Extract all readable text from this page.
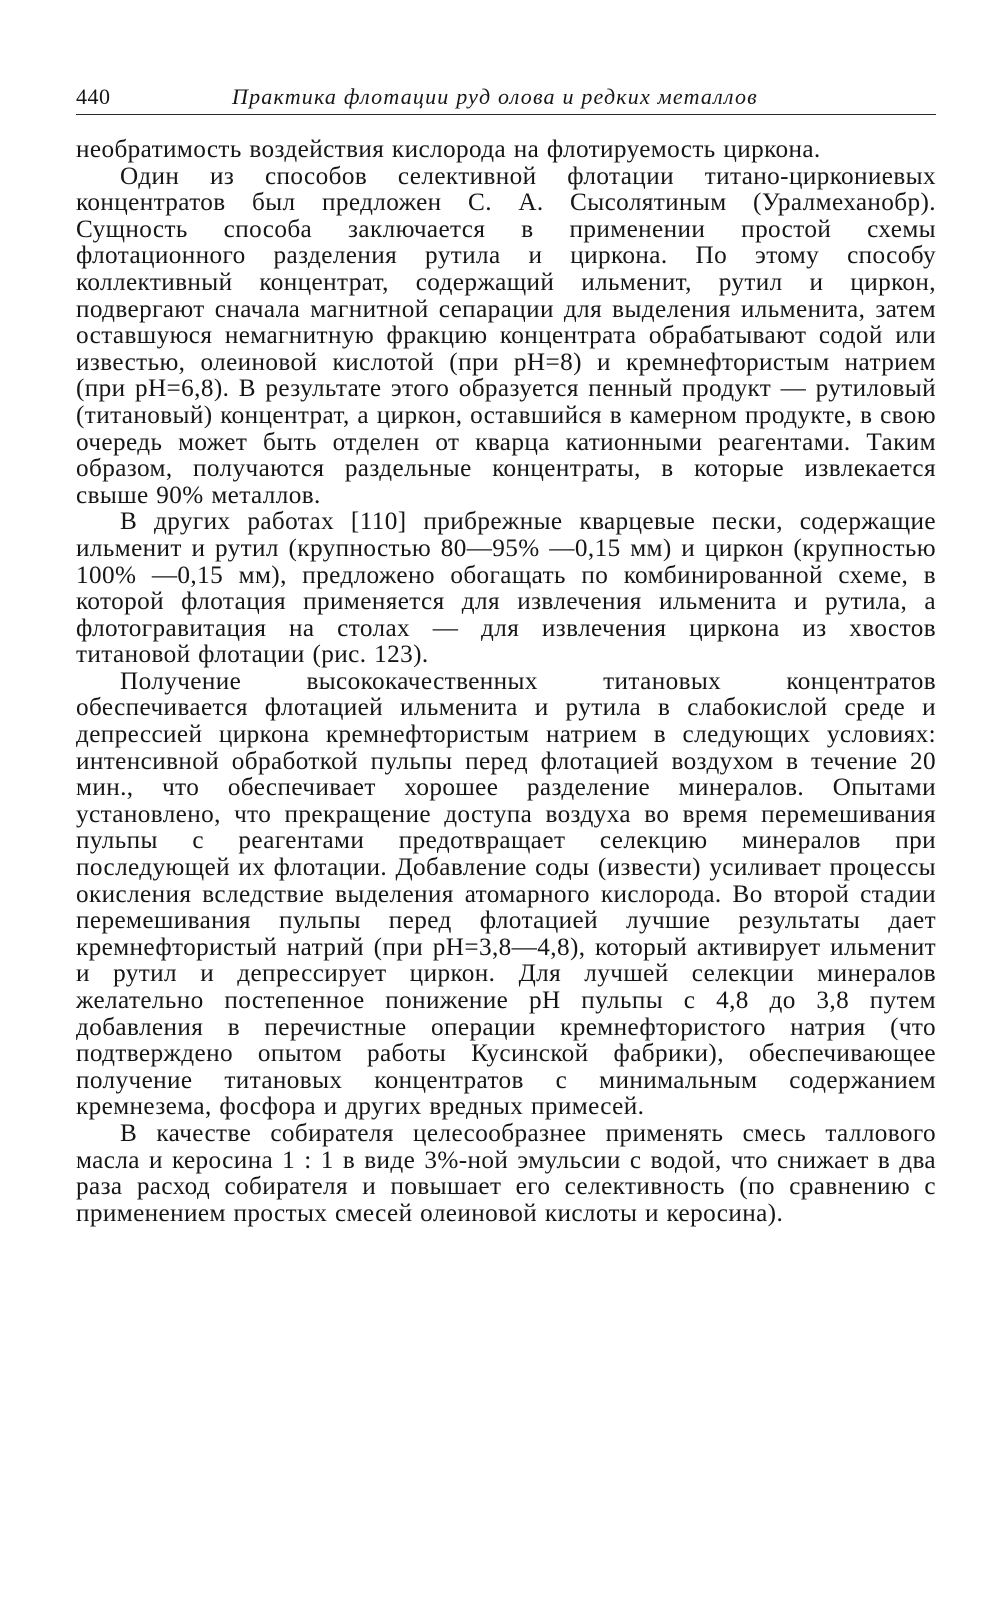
440	Практика флотации руд олова и редких металлов

необратимость воздействия кислорода на флотируемость циркона.

Один из способов селективной флотации титано-циркониевых концентратов был предложен С. А. Сысолятиным (Уралмеханобр). Сущность способа заключается в применении простой схемы флотационного разделения рутила и циркона. По этому способу коллективный концентрат, содержащий ильменит, рутил и циркон, подвергают сначала магнитной сепарации для выделения ильменита, затем оставшуюся немагнитную фракцию концентрата обрабатывают содой или известью, олеиновой кислотой (при pH=8) и кремнефтористым натрием (при pH=6,8). В результате этого образуется пенный продукт — рутиловый (титановый) концентрат, а циркон, оставшийся в камерном продукте, в свою очередь может быть отделен от кварца катионными реагентами. Таким образом, получаются раздельные концентраты, в которые извлекается свыше 90% металлов.

В других работах [110] прибрежные кварцевые пески, содержащие ильменит и рутил (крупностью 80—95% —0,15 мм) и циркон (крупностью 100% —0,15 мм), предложено обогащать по комбинированной схеме, в которой флотация применяется для извлечения ильменита и рутила, а флотогравитация на столах — для извлечения циркона из хвостов титановой флотации (рис. 123).

Получение высококачественных титановых концентратов обеспечивается флотацией ильменита и рутила в слабокислой среде и депрессией циркона кремнефтористым натрием в следующих условиях: интенсивной обработкой пульпы перед флотацией воздухом в течение 20 мин., что обеспечивает хорошее разделение минералов. Опытами установлено, что прекращение доступа воздуха во время перемешивания пульпы с реагентами предотвращает селекцию минералов при последующей их флотации. Добавление соды (извести) усиливает процессы окисления вследствие выделения атомарного кислорода. Во второй стадии перемешивания пульпы перед флотацией лучшие результаты дает кремнефтористый натрий (при pH=3,8—4,8), который активирует ильменит и рутил и депрессирует циркон. Для лучшей селекции минералов желательно постепенное понижение pH пульпы с 4,8 до 3,8 путем добавления в перечистные операции кремнефтористого натрия (что подтверждено опытом работы Кусинской фабрики), обеспечивающее получение титановых концентратов с минимальным содержанием кремнезема, фосфора и других вредных примесей.

В качестве собирателя целесообразнее применять смесь таллового масла и керосина 1 : 1 в виде 3%-ной эмульсии с водой, что снижает в два раза расход собирателя и повышает его селективность (по сравнению с применением простых смесей олеиновой кислоты и керосина).
